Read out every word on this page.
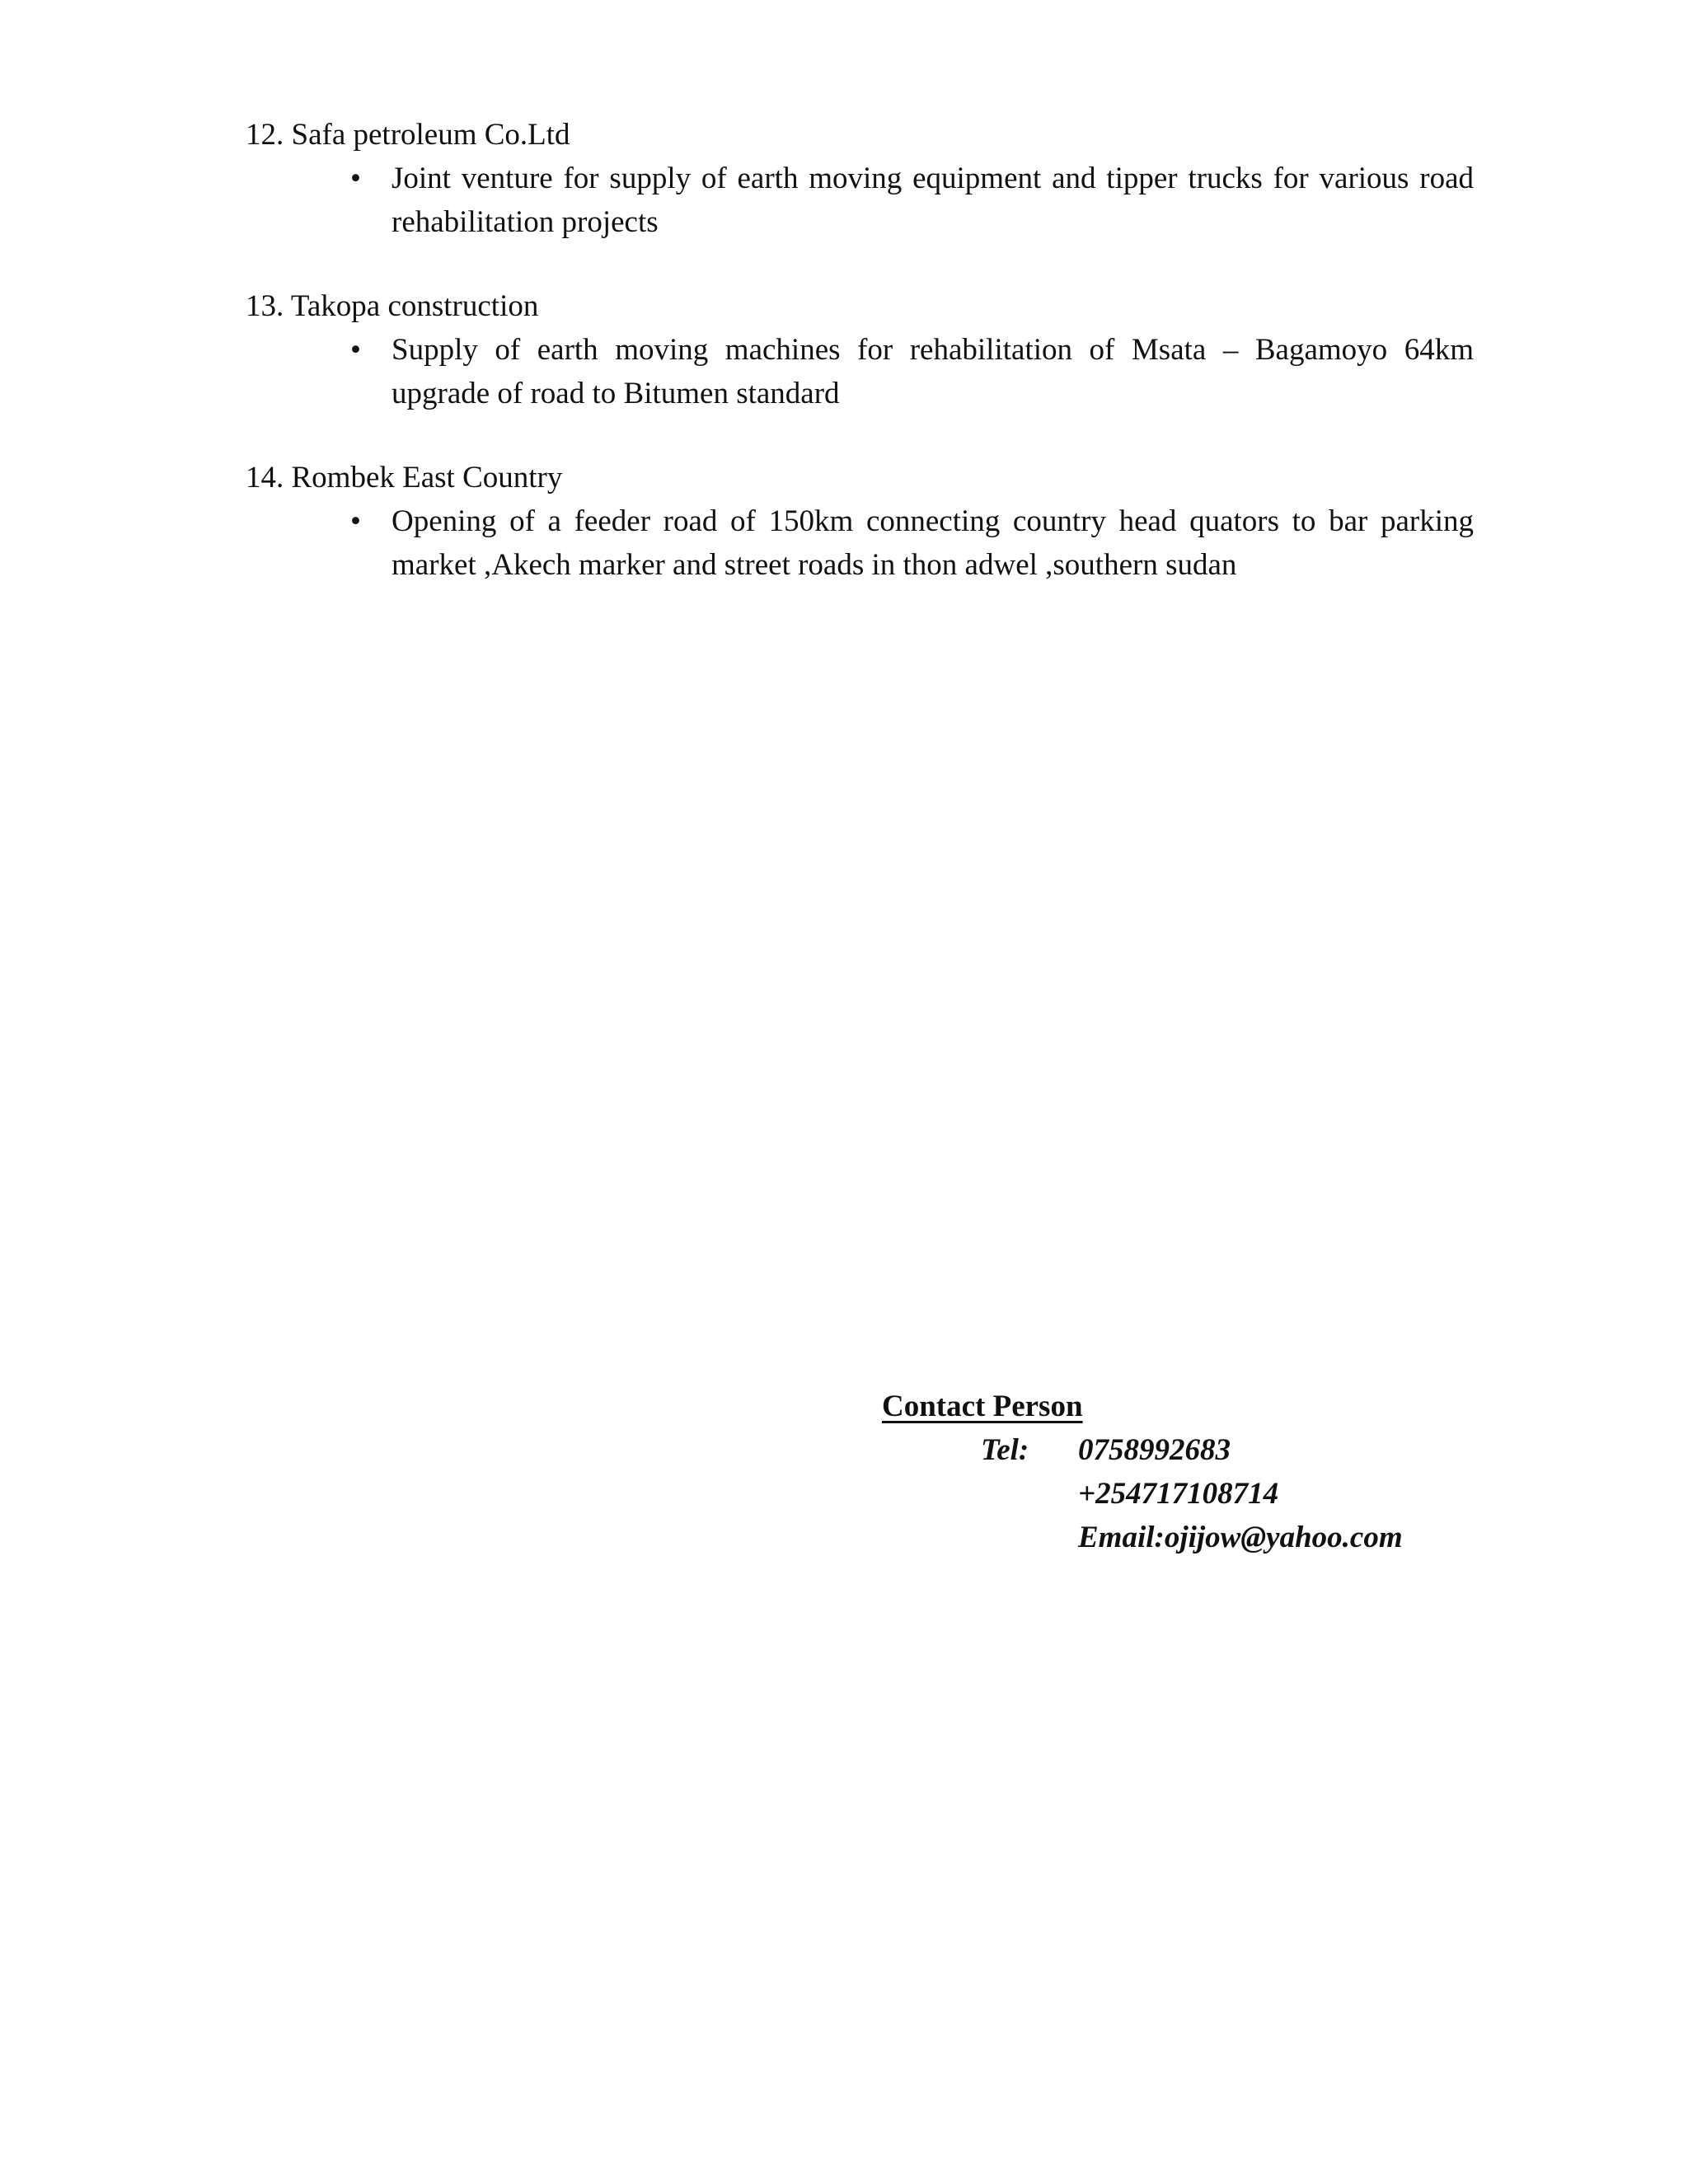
12. Safa petroleum Co.Ltd
• Joint venture for supply of earth moving equipment and tipper trucks for various road rehabilitation projects
13. Takopa construction
• Supply of earth moving machines for rehabilitation of Msata – Bagamoyo 64km upgrade of road to Bitumen standard
14. Rombek East Country
• Opening of a feeder road of 150km connecting country head quators to bar parking market ,Akech marker and street roads in thon adwel ,southern sudan
Contact Person
Tel: 0758992683
+254717108714
Email:ojijow@yahoo.com
